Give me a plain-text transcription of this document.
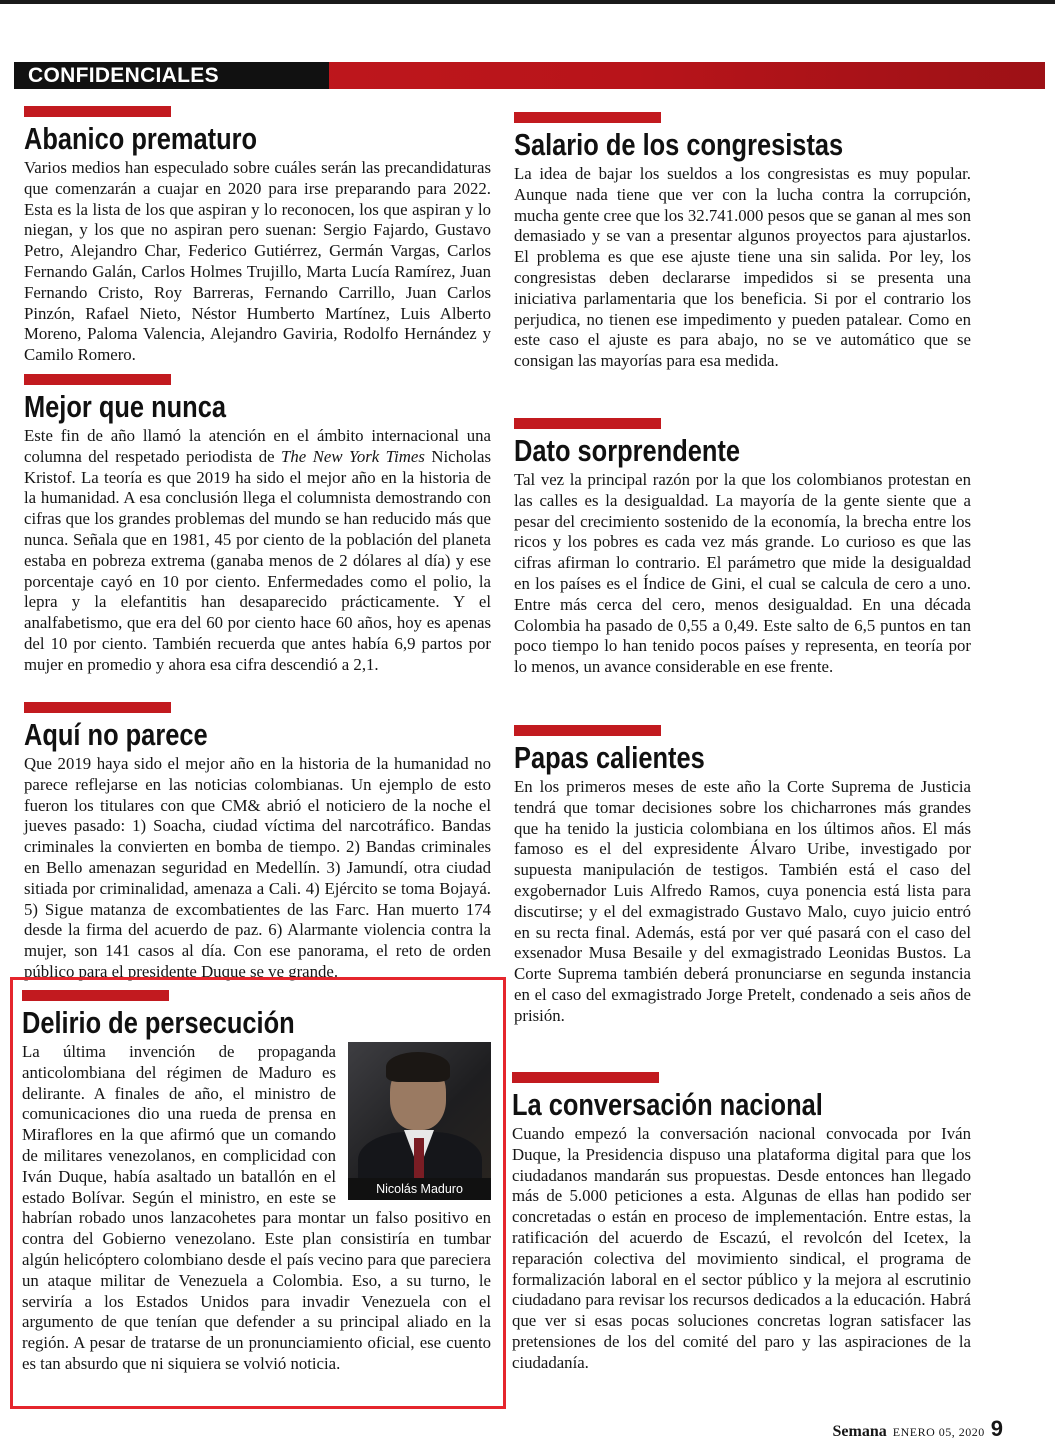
CONFIDENCIALES
Abanico prematuro
Varios medios han especulado sobre cuáles serán las precandidaturas que comenzarán a cuajar en 2020 para irse preparando para 2022. Esta es la lista de los que aspiran y lo reconocen, los que aspiran y lo niegan, y los que no aspiran pero suenan: Sergio Fajardo, Gustavo Petro, Alejandro Char, Federico Gutiérrez, Germán Vargas, Carlos Fernando Galán, Carlos Holmes Trujillo, Marta Lucía Ramírez, Juan Fernando Cristo, Roy Barreras, Fernando Carrillo, Juan Carlos Pinzón, Rafael Nieto, Néstor Humberto Martínez, Luis Alberto Moreno, Paloma Valencia, Alejandro Gaviria, Rodolfo Hernández y Camilo Romero.
Mejor que nunca
Este fin de año llamó la atención en el ámbito internacional una columna del respetado periodista de The New York Times Nicholas Kristof. La teoría es que 2019 ha sido el mejor año en la historia de la humanidad. A esa conclusión llega el columnista demostrando con cifras que los grandes problemas del mundo se han reducido más que nunca. Señala que en 1981, 45 por ciento de la población del planeta estaba en pobreza extrema (ganaba menos de 2 dólares al día) y ese porcentaje cayó en 10 por ciento. Enfermedades como el polio, la lepra y la elefantitis han desaparecido prácticamente. Y el analfabetismo, que era del 60 por ciento hace 60 años, hoy es apenas del 10 por ciento. También recuerda que antes había 6,9 partos por mujer en promedio y ahora esa cifra descendió a 2,1.
Aquí no parece
Que 2019 haya sido el mejor año en la historia de la humanidad no parece reflejarse en las noticias colombianas. Un ejemplo de esto fueron los titulares con que CM& abrió el noticiero de la noche el jueves pasado: 1) Soacha, ciudad víctima del narcotráfico. Bandas criminales la convierten en bomba de tiempo. 2) Bandas criminales en Bello amenazan seguridad en Medellín. 3) Jamundí, otra ciudad sitiada por criminalidad, amenaza a Cali. 4) Ejército se toma Bojayá. 5) Sigue matanza de excombatientes de las Farc. Han muerto 174 desde la firma del acuerdo de paz. 6) Alarmante violencia contra la mujer, son 141 casos al día. Con ese panorama, el reto de orden público para el presidente Duque se ve grande.
Delirio de persecución
Nicolás Maduro
La última invención de propaganda anticolombiana del régimen de Maduro es delirante. A finales de año, el ministro de comunicaciones dio una rueda de prensa en Miraflores en la que afirmó que un comando de militares venezolanos, en complicidad con Iván Duque, había asaltado un batallón en el estado Bolívar. Según el ministro, en este se habrían robado unos lanzacohetes para montar un falso positivo en contra del Gobierno venezolano. Este plan consistiría en tumbar algún helicóptero colombiano desde el país vecino para que pareciera un ataque militar de Venezuela a Colombia. Eso, a su turno, le serviría a los Estados Unidos para invadir Venezuela con el argumento de que tenían que defender a su principal aliado en la región. A pesar de tratarse de un pronunciamiento oficial, ese cuento es tan absurdo que ni siquiera se volvió noticia.
Salario de los congresistas
La idea de bajar los sueldos a los congresistas es muy popular. Aunque nada tiene que ver con la lucha contra la corrupción, mucha gente cree que los 32.741.000 pesos que se ganan al mes son demasiado y se van a presentar algunos proyectos para ajustarlos. El problema es que ese ajuste tiene una sin salida. Por ley, los congresistas deben declararse impedidos si se presenta una iniciativa parlamentaria que los beneficia. Si por el contrario los perjudica, no tienen ese impedimento y pueden patalear. Como en este caso el ajuste es para abajo, no se ve automático que se consigan las mayorías para esa medida.
Dato sorprendente
Tal vez la principal razón por la que los colombianos protestan en las calles es la desigualdad. La mayoría de la gente siente que a pesar del crecimiento sostenido de la economía, la brecha entre los ricos y los pobres es cada vez más grande. Lo curioso es que las cifras afirman lo contrario. El parámetro que mide la desigualdad en los países es el Índice de Gini, el cual se calcula de cero a uno. Entre más cerca del cero, menos desigualdad. En una década Colombia ha pasado de 0,55 a 0,49. Este salto de 6,5 puntos en tan poco tiempo lo han tenido pocos países y representa, en teoría por lo menos, un avance considerable en ese frente.
Papas calientes
En los primeros meses de este año la Corte Suprema de Justicia tendrá que tomar decisiones sobre los chicharrones más grandes que ha tenido la justicia colombiana en los últimos años. El más famoso es el del expresidente Álvaro Uribe, investigado por supuesta manipulación de testigos. También está el caso del exgobernador Luis Alfredo Ramos, cuya ponencia está lista para discutirse; y el del exmagistrado Gustavo Malo, cuyo juicio entró en su recta final. Además, está por ver qué pasará con el caso del exsenador Musa Besaile y del exmagistrado Leonidas Bustos. La Corte Suprema también deberá pronunciarse en segunda instancia en el caso del exmagistrado Jorge Pretelt, condenado a seis años de prisión.
La conversación nacional
Cuando empezó la conversación nacional convocada por Iván Duque, la Presidencia dispuso una plataforma digital para que los ciudadanos mandarán sus propuestas. Desde entonces han llegado más de 5.000 peticiones a esta. Algunas de ellas han podido ser concretadas o están en proceso de implementación. Entre estas, la ratificación del acuerdo de Escazú, el revolcón del Icetex, la reparación colectiva del movimiento sindical, el programa de formalización laboral en el sector público y la mejora al escrutinio ciudadano para revisar los recursos dedicados a la educación. Habrá que ver si esas pocas soluciones concretas logran satisfacer las pretensiones de los del comité del paro y las aspiraciones de la ciudadanía.
Semana ENERO 05, 2020 9
